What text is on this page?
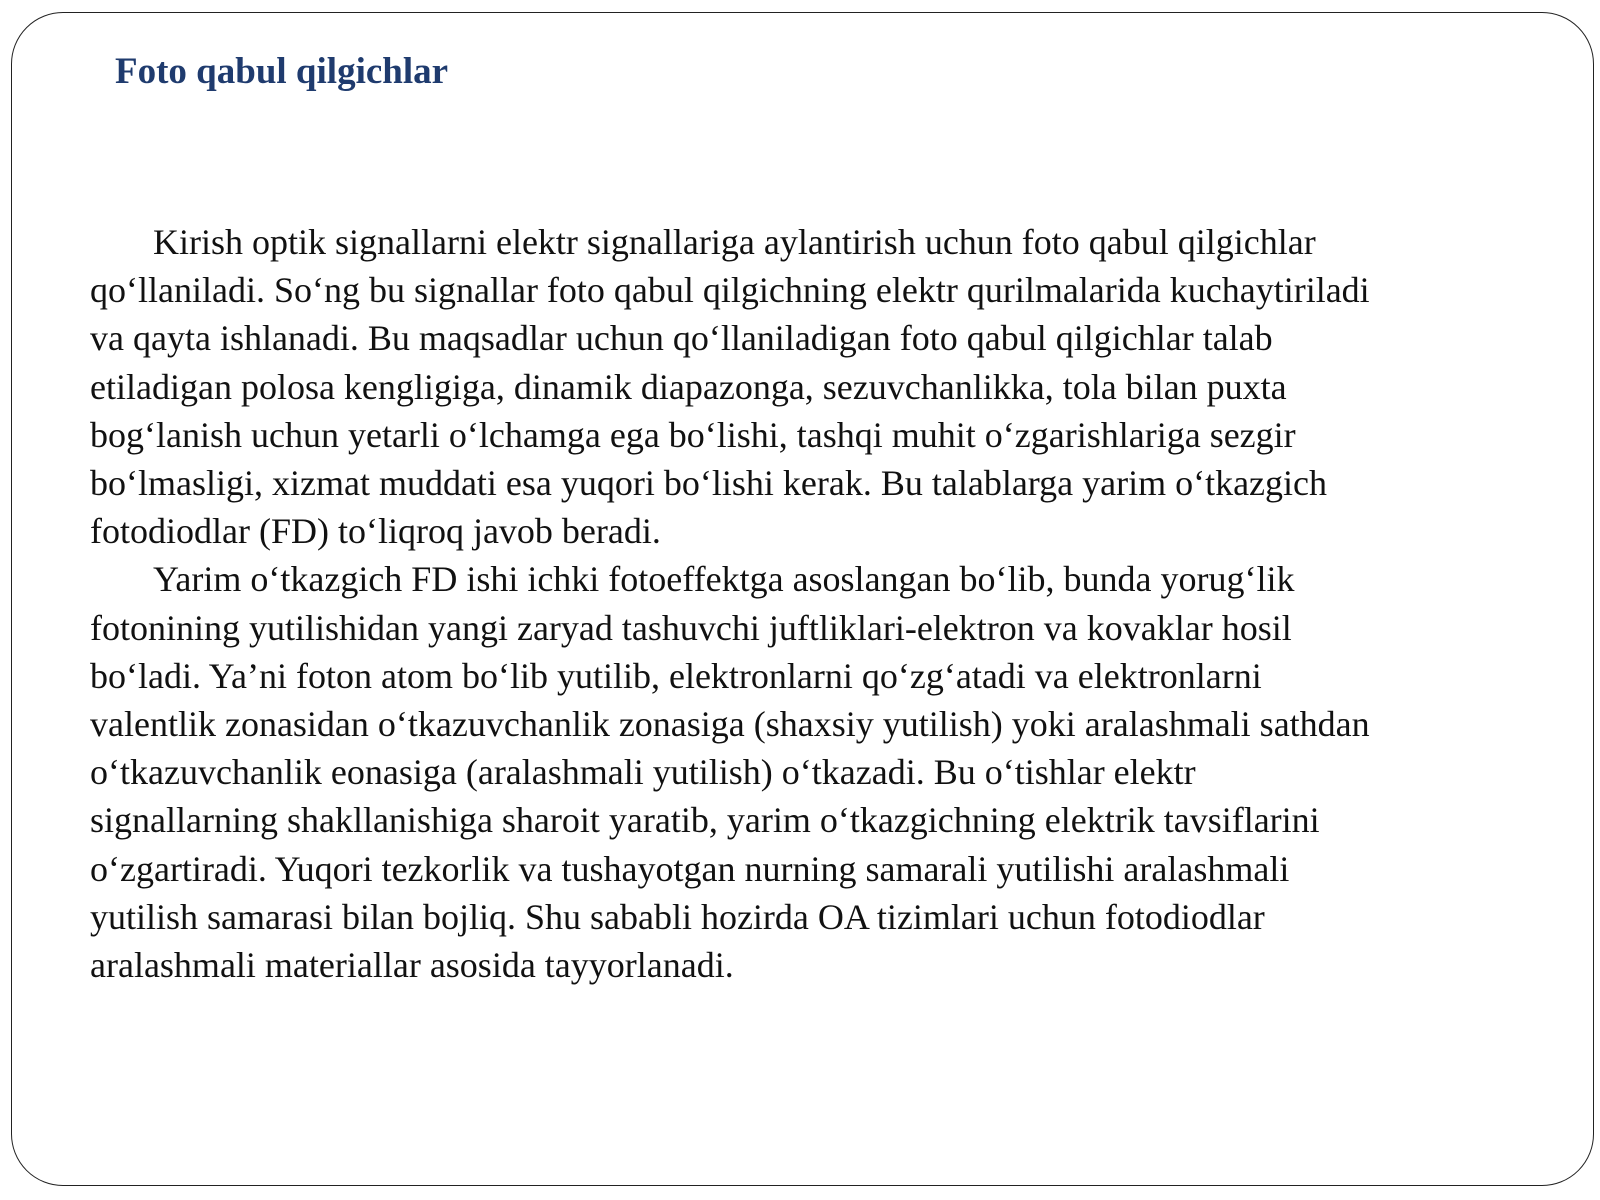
Foto qabul qilgichlar

Kirish optik signallarni elektr signallariga aylantirish uchun foto qabul qilgichlar
qo‘llaniladi. So‘ng bu signallar foto qabul qilgichning elektr qurilmalarida kuchaytiriladi
va qayta ishlanadi. Bu maqsadlar uchun qo‘llaniladigan foto qabul qilgichlar talab
etiladigan polosa kengligiga, dinamik diapazonga, sezuvchanlikka, tola bilan puxta
bog‘lanish uchun yetarli o‘lchamga ega bo‘lishi, tashqi muhit o‘zgarishlariga sezgir
bo‘lmasligi, xizmat muddati esa yuqori bo‘lishi kerak. Bu talablarga yarim o‘tkazgich
fotodiodlar (FD) to‘liqroq javob beradi.

Yarim o‘tkazgich FD ishi ichki fotoeffektga asoslangan bo‘lib, bunda yorug‘lik
fotonining yutilishidan yangi zaryad tashuvchi juftliklari-elektron va kovaklar hosil
bo‘ladi. Ya’ni foton atom bo‘lib yutilib, elektronlarni qo‘zg‘atadi va elektronlarni
valentlik zonasidan o‘tkazuvchanlik zonasiga (shaxsiy yutilish) yoki aralashmali sathdan
o‘tkazuvchanlik eonasiga (aralashmali yutilish) o‘tkazadi. Bu o‘tishlar elektr
signallarning shakllanishiga sharoit yaratib, yarim o‘tkazgichning elektrik tavsiflarini
o‘zgartiradi. Yuqori tezkorlik va tushayotgan nurning samarali yutilishi aralashmali
yutilish samarasi bilan bojliq. Shu sababli hozirda OA tizimlari uchun fotodiodlar
aralashmali materiallar asosida tayyorlanadi.
